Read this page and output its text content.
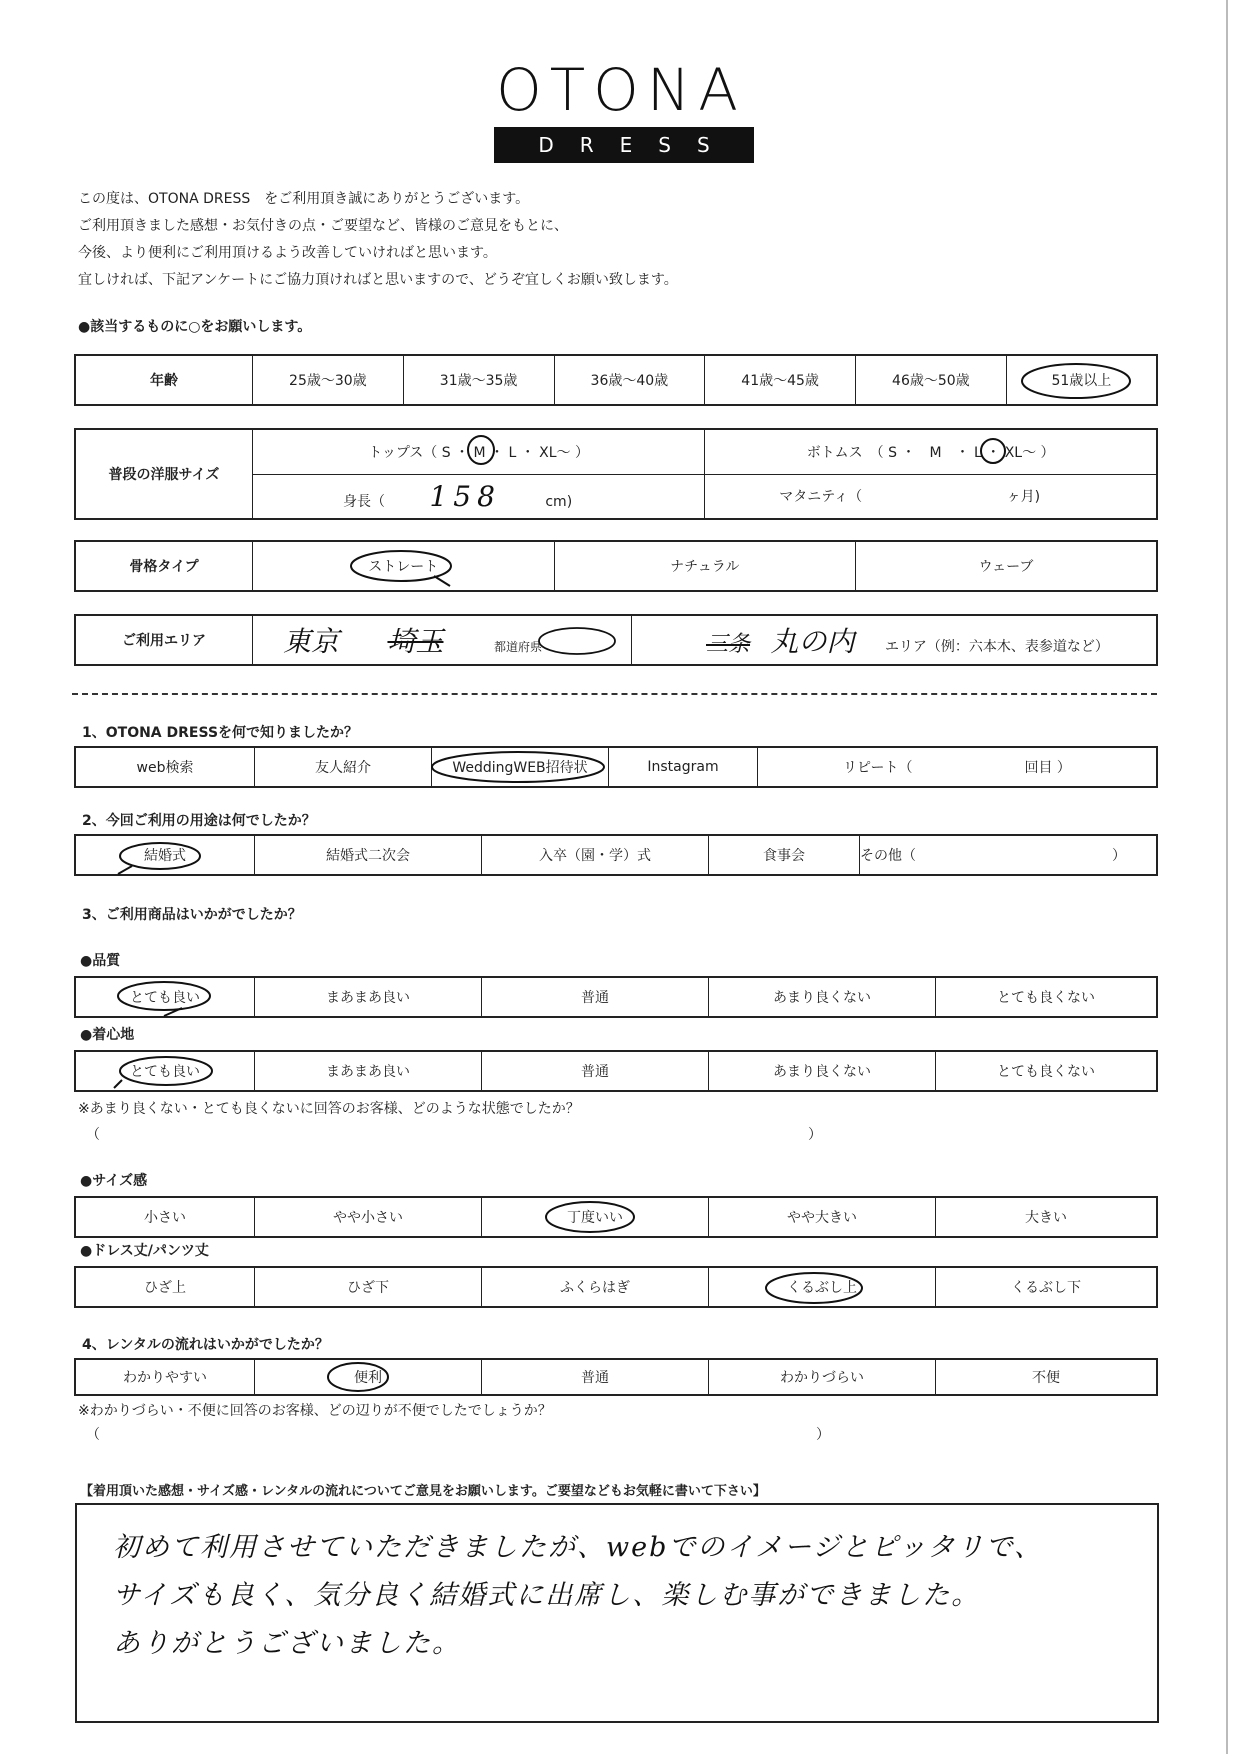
OTONA
DRESS
この度は、OTONA DRESS　をご利用頂き誠にありがとうございます。
ご利用頂きました感想・お気付きの点・ご要望など、皆様のご意見をもとに、
今後、より便利にご利用頂けるよう改善していければと思います。
宜しければ、下記アンケートにご協力頂ければと思いますので、どうぞ宜しくお願い致します。
●該当するものに○をお願いします。
年齢	25歳～30歳	31歳～35歳	36歳～40歳	41歳～45歳	46歳～50歳	51歳以上
普段の洋服サイズ	トップス（ S ・ M ・ L ・ XL～ ）	ボトムス　（ S ・　M　・ L ・ XL～ ）
	身長（ 158 cm)	マタニティ（ ヶ月)
骨格タイプ	ストレート	ナチュラル	ウェーブ
ご利用エリア	東京 埼玉	都道府県	三条 丸の内 エリア（例：六本木、表参道など）
1、OTONA DRESSを何で知りましたか？
web検索	友人紹介	WeddingWEB招待状	Instagram	リピート（　　　　　　　　回目 ）
2、今回ご利用の用途は何でしたか？
結婚式	結婚式二次会	入卒（園・学）式	食事会	その他（　　　　　　　　　　　　　　）
3、ご利用商品はいかがでしたか？
●品質
とても良い	まあまあ良い	普通	あまり良くない	とても良くない
●着心地
とても良い	まあまあ良い	普通	あまり良くない	とても良くない
※あまり良くない・とても良くないに回答のお客様、どのような状態でしたか？
（	）
●サイズ感
小さい	やや小さい	丁度いい	やや大きい	大きい
●ドレス丈/パンツ丈
ひざ上	ひざ下	ふくらはぎ	くるぶし上	くるぶし下
4、レンタルの流れはいかがでしたか？
わかりやすい	便利	普通	わかりづらい	不便
※わかりづらい・不便に回答のお客様、どの辺りが不便でしたでしょうか？
（	）
【着用頂いた感想・サイズ感・レンタルの流れについてご意見をお願いします。ご要望などもお気軽に書いて下さい】
初めて利用させていただきましたが、webでのイメージとピッタリで、
サイズも良く、気分良く結婚式に出席し、楽しむ事ができました。
ありがとうございました。
